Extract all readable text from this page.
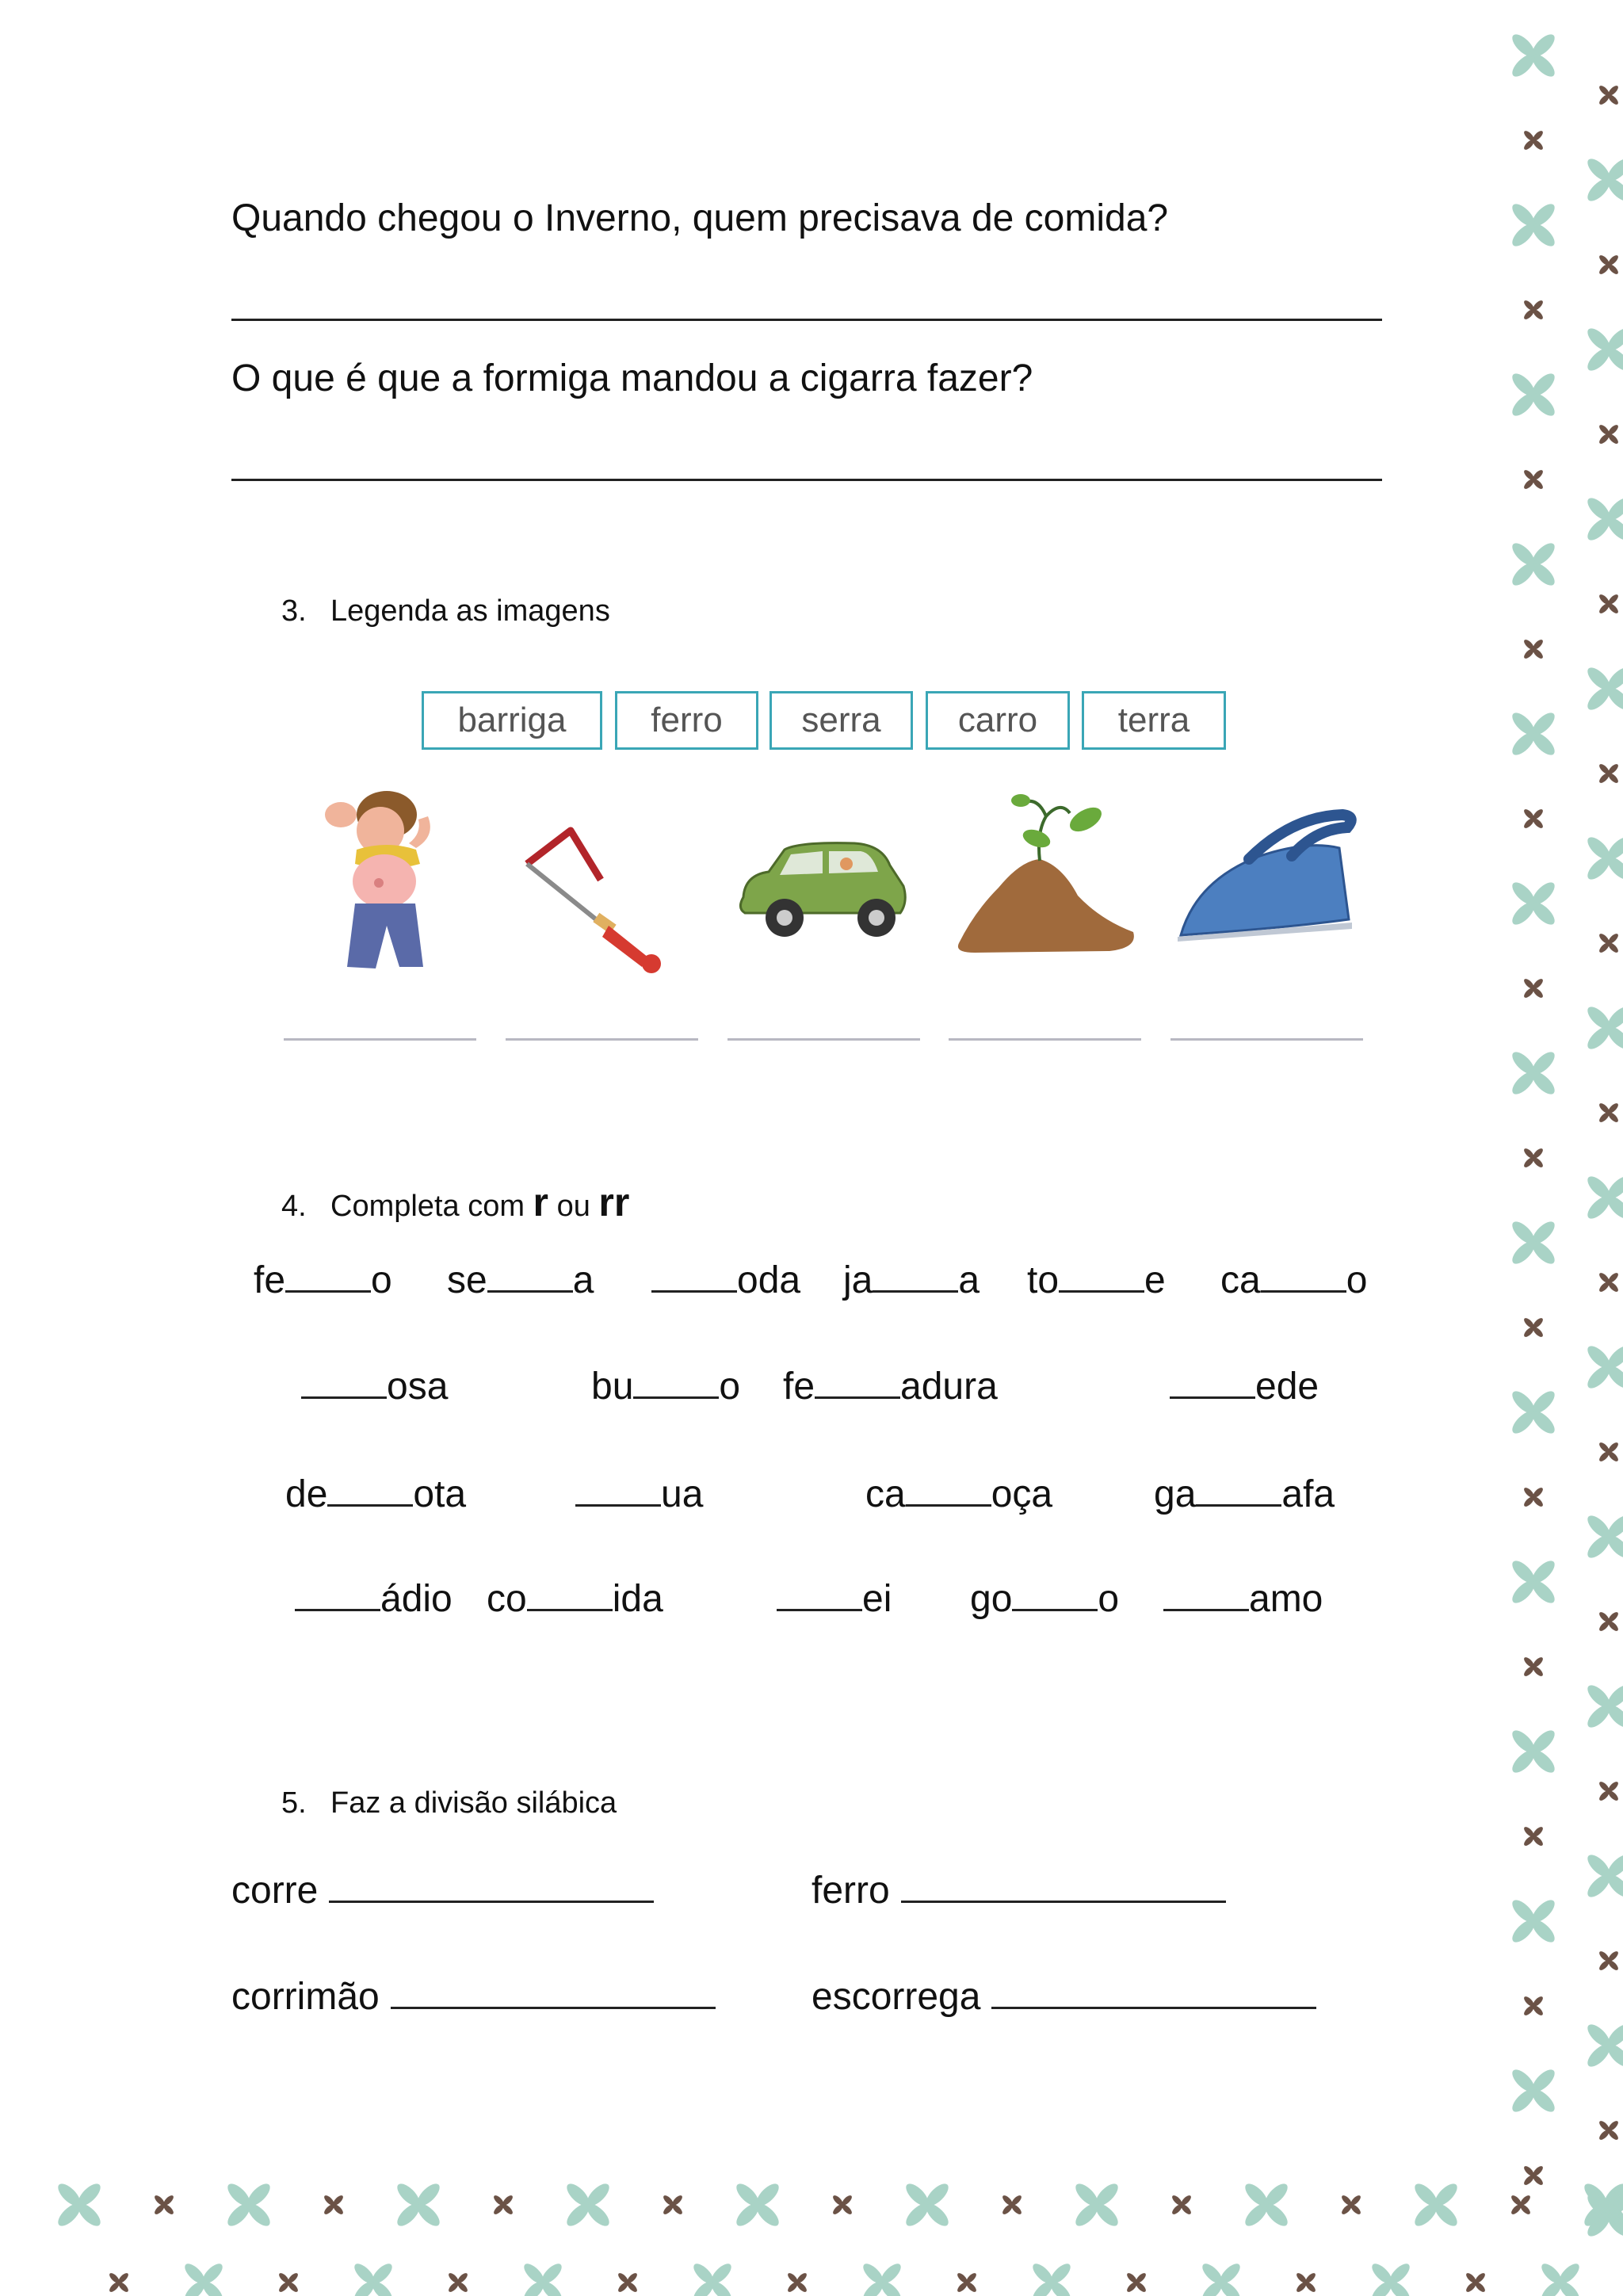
Quando chegou o Inverno, quem precisava de comida?
O que é que a formiga mandou a cigarra fazer?
3. Legenda as imagens
barriga	ferro	serra	carro	terra
4. Completa com r ou rr
fe o se a	oda ja a to e ca o
osa	bu o fe adura	ede
de ota	ua	ca oça	ga afa
ádio co ida	ei go o	amo
5. Faz a divisão silábica
corre	ferro
corrimão	escorrega
